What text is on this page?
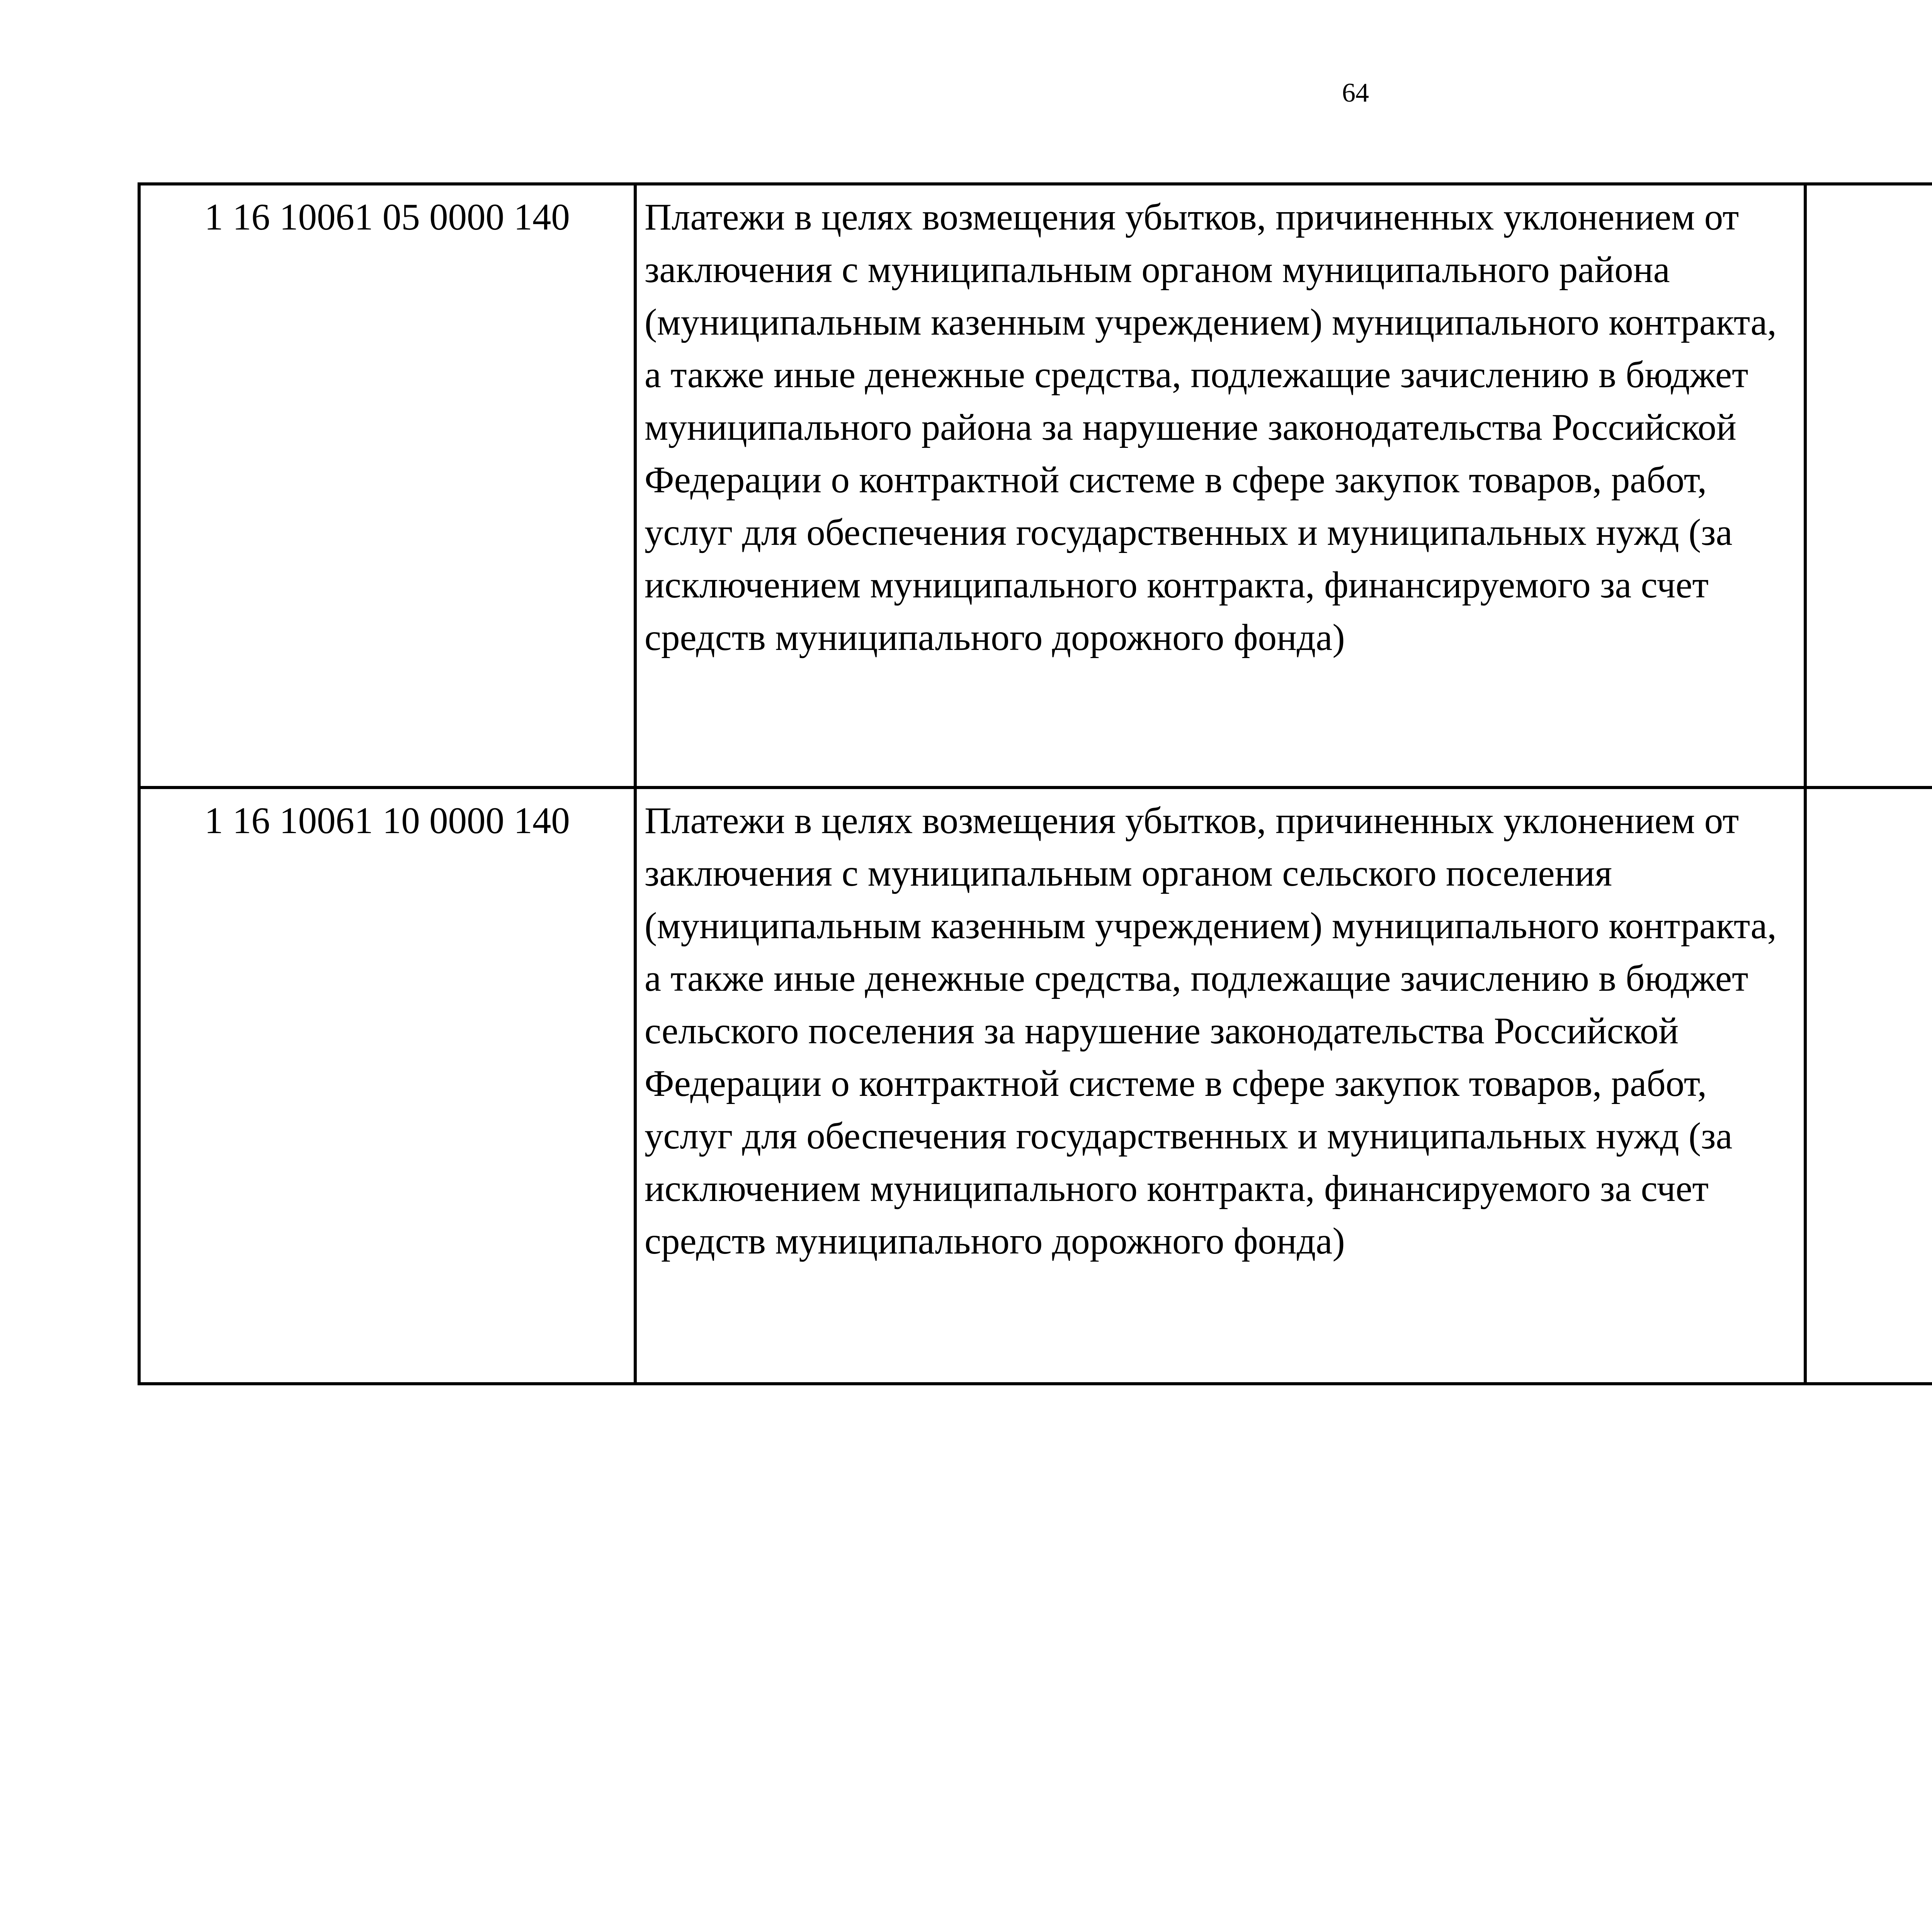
64
1 16 10061 05 0000 140	Платежи в целях возмещения убытков, причиненных уклонением от заключения с муниципальным органом муниципального района (муниципальным казенным учреждением) муниципального контракта, а также иные денежные средства, подлежащие зачислению в бюджет муниципального района за нарушение законодательства Российской Федерации о контрактной системе в сфере закупок товаров, работ, услуг для обеспечения государственных и муниципальных нужд (за исключением муниципального контракта, финансируемого за счет средств муниципального дорожного фонда)					
1 16 10061 10 0000 140	Платежи в целях возмещения убытков, причиненных уклонением от заключения с муниципальным органом сельского поселения (муниципальным казенным учреждением) муниципального контракта, а также иные денежные средства, подлежащие зачислению в бюджет сельского поселения за нарушение законодательства Российской Федерации о контрактной системе в сфере закупок товаров, работ, услуг для обеспечения государственных и муниципальных нужд (за исключением муниципального контракта, финансируемого за счет средств муниципального дорожного фонда)					
